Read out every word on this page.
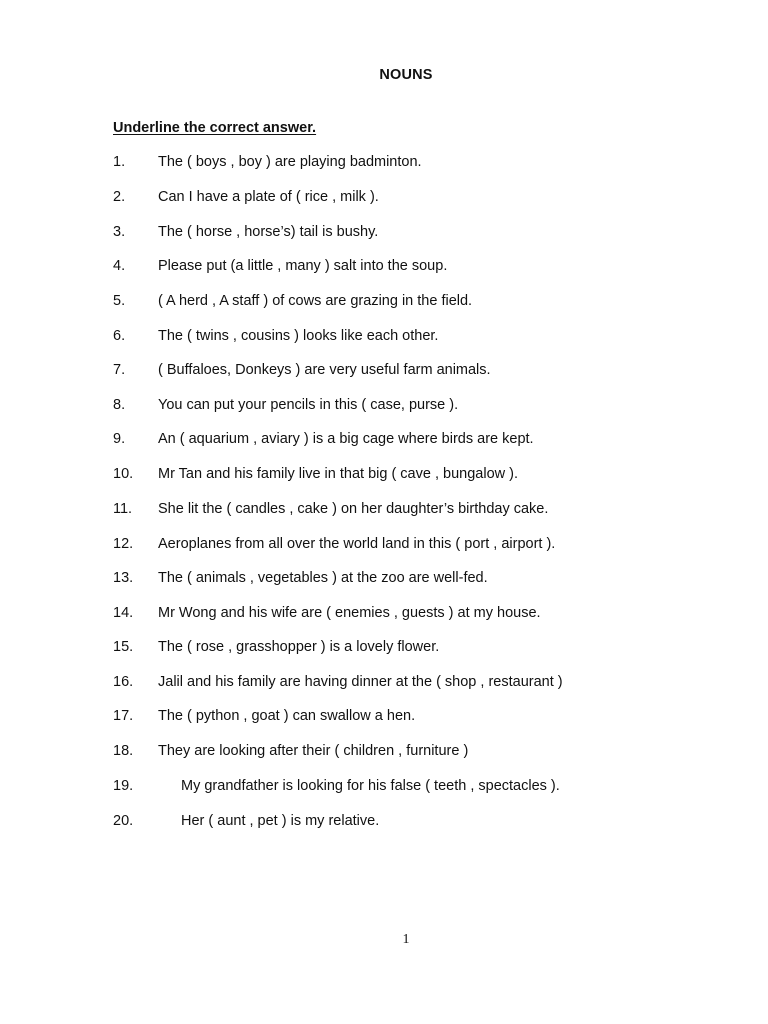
NOUNS
Underline the correct answer.
1. The ( boys , boy ) are playing badminton.
2. Can I have a plate of ( rice , milk ).
3. The ( horse , horse’s) tail is bushy.
4. Please put (a little , many ) salt into the soup.
5. ( A herd , A staff ) of cows are grazing in the field.
6. The ( twins , cousins ) looks like each other.
7. ( Buffaloes, Donkeys ) are very useful farm animals.
8. You can put your pencils in this ( case, purse ).
9. An ( aquarium , aviary ) is a big cage where birds are kept.
10. Mr Tan and his family live in that big ( cave , bungalow ).
11. She lit the ( candles , cake ) on her daughter’s birthday cake.
12. Aeroplanes from all over the world land in this ( port , airport ).
13. The ( animals , vegetables ) at the zoo are well-fed.
14. Mr Wong and his wife are ( enemies , guests ) at my house.
15. The ( rose , grasshopper ) is a lovely flower.
16. Jalil and his family are having dinner at the ( shop , restaurant )
17. The ( python , goat ) can swallow a hen.
18. They are looking after their ( children , furniture )
19.	My grandfather is looking for his false ( teeth , spectacles ).
20.	Her ( aunt , pet ) is my relative.
1
